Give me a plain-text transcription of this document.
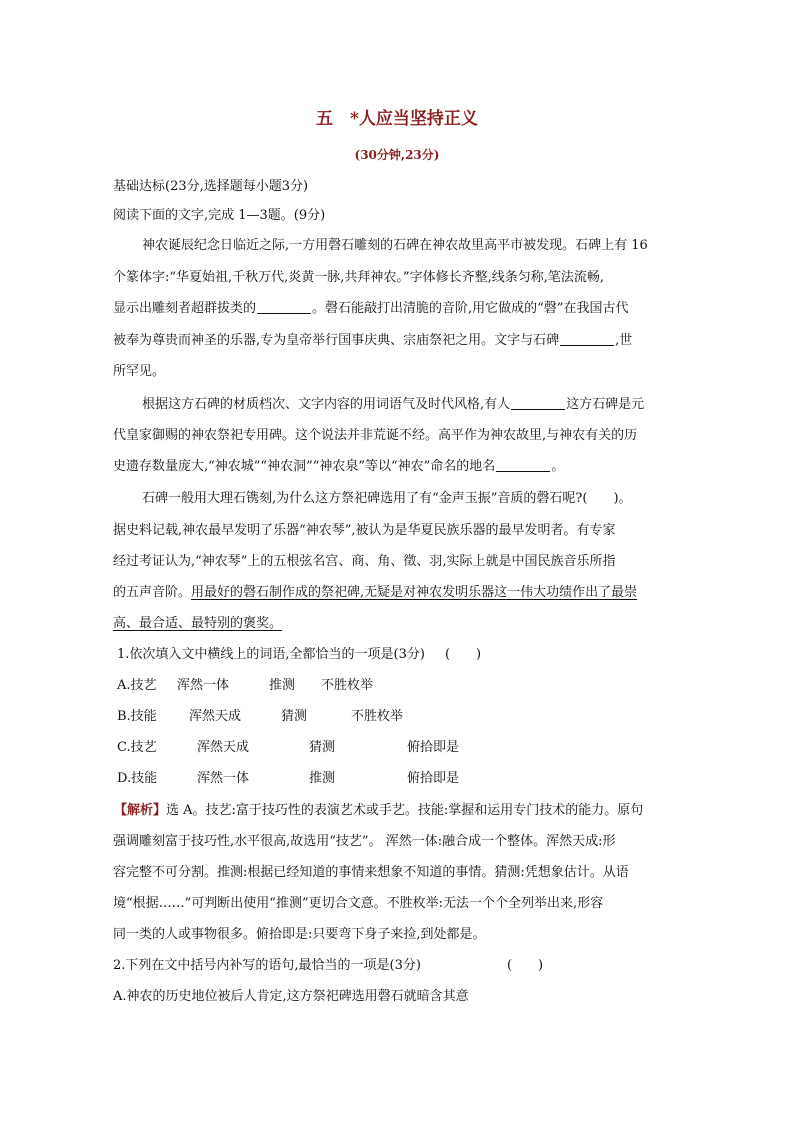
五　*人应当坚持正义
(30分钟,23分)
基础达标(23分,选择题每小题3分)
阅读下面的文字,完成 1—3题。(9分)
神农诞辰纪念日临近之际,一方用磬石雕刻的石碑在神农故里高平市被发现。石碑上有 16
个篆体字:“华夏始祖,千秋万代,炎黄一脉,共拜神农。”字体修长齐整,线条匀称,笔法流畅,
显示出雕刻者超群拔类的	。磬石能敲打出清脆的音阶,用它做成的“磬”在我国古代
被奉为尊贵而神圣的乐器,专为皇帝举行国事庆典、宗庙祭祀之用。文字与石碑	,世
所罕见。
根据这方石碑的材质档次、文字内容的用词语气及时代风格,有人	这方石碑是元
代皇家御赐的神农祭祀专用碑。这个说法并非荒诞不经。高平作为神农故里,与神农有关的历
史遗存数量庞大,“神农城”“神农洞”“神农泉”等以“神农”命名的地名	。
石碑一般用大理石镌刻,为什么这方祭祀碑选用了有“金声玉振”音质的磬石呢?(　　)。
据史料记载,神农最早发明了乐器“神农琴”,被认为是华夏民族乐器的最早发明者。有专家
经过考证认为,“神农琴”上的五根弦名宫、商、角、徵、羽,实际上就是中国民族音乐所指
的五声音阶。用最好的磬石制作成的祭祀碑,无疑是对神农发明乐器这一伟大功绩作出了最崇
高、最合适、最特别的褒奖。
1.依次填入文中横线上的词语,全都恰当的一项是(3分) (　　)
A.技艺 浑然一体	推测 不胜枚举
B.技能 浑然天成	猜测	不胜枚举
C.技艺	浑然天成	猜测	俯拾即是
D.技能	浑然一体	推测	俯拾即是
【解析】选 A。技艺:富于技巧性的表演艺术或手艺。技能:掌握和运用专门技术的能力。原句
强调雕刻富于技巧性,水平很高,故选用“技艺”。 浑然一体:融合成一个整体。浑然天成:形
容完整不可分割。推测:根据已经知道的事情来想象不知道的事情。猜测:凭想象估计。从语
境“根据……”可判断出使用“推测”更切合文意。不胜枚举:无法一个个全列举出来,形容
同一类的人或事物很多。俯拾即是:只要弯下身子来捡,到处都是。
2.下列在文中括号内补写的语句,最恰当的一项是(3分)	(　　)
A.神农的历史地位被后人肯定,这方祭祀碑选用磬石就暗含其意
